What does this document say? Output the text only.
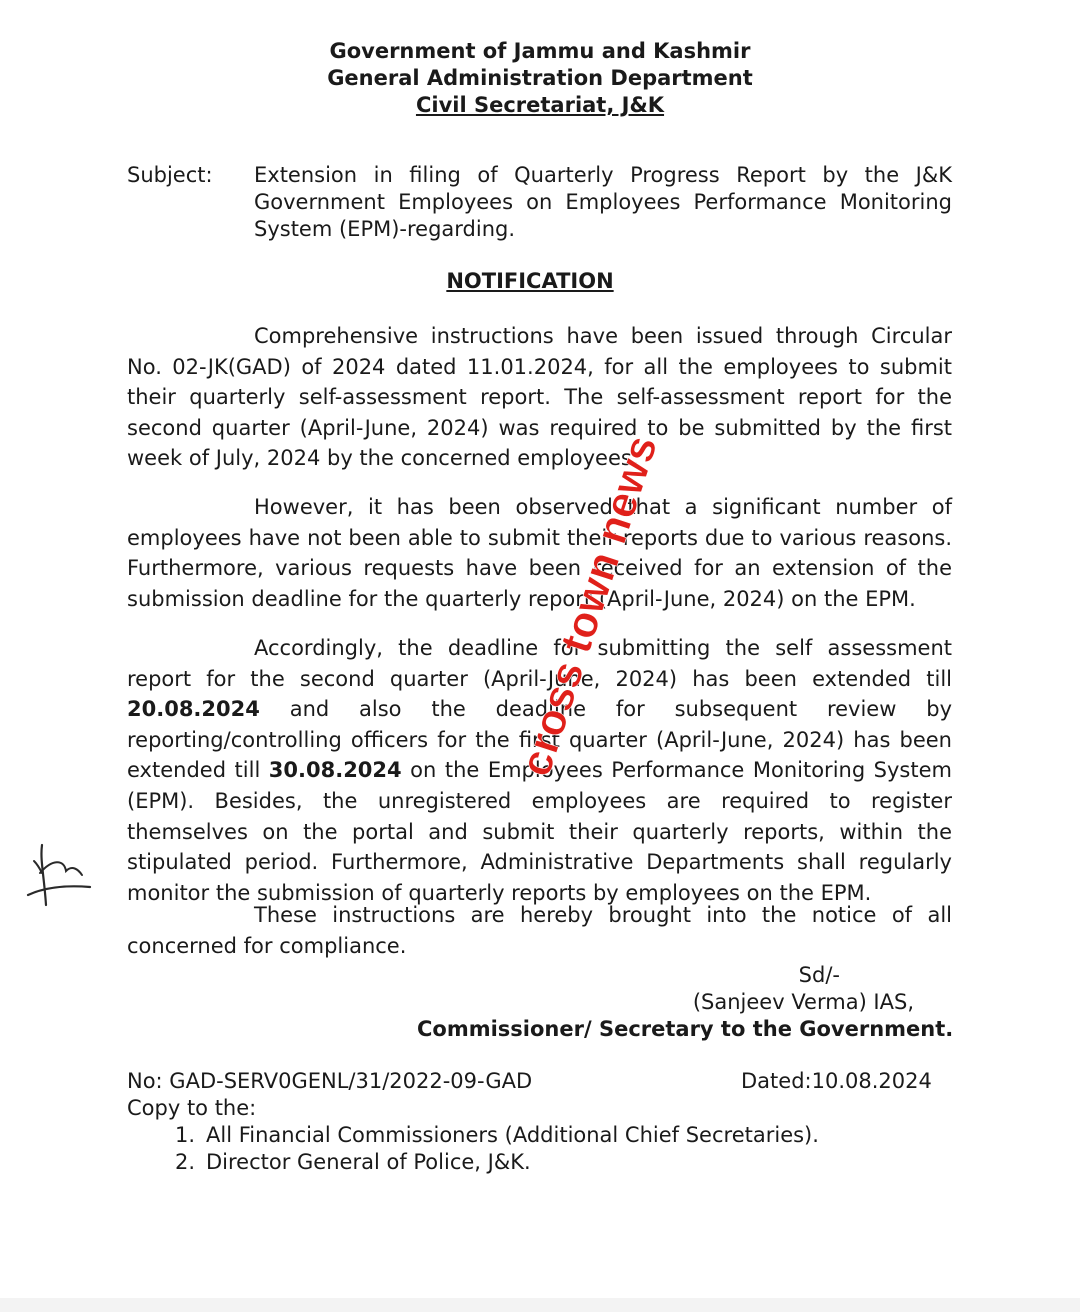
Government of Jammu and Kashmir
General Administration Department
Civil Secretariat, J&K
Subject: Extension in filing of Quarterly Progress Report by the J&K Government Employees on Employees Performance Monitoring System (EPM)-regarding.
NOTIFICATION

Comprehensive instructions have been issued through Circular No. 02-JK(GAD) of 2024 dated 11.01.2024, for all the employees to submit their quarterly self-assessment report. The self-assessment report for the second quarter (April-June, 2024) was required to be submitted by the first week of July, 2024 by the concerned employees.

However, it has been observed that a significant number of employees have not been able to submit their reports due to various reasons. Furthermore, various requests have been received for an extension of the submission deadline for the quarterly report (April-June, 2024) on the EPM.

Accordingly, the deadline for submitting the self assessment report for the second quarter (April-June, 2024) has been extended till 20.08.2024 and also the deadline for subsequent review by reporting/controlling officers for the first quarter (April-June, 2024) has been extended till 30.08.2024 on the Employees Performance Monitoring System (EPM). Besides, the unregistered employees are required to register themselves on the portal and submit their quarterly reports, within the stipulated period. Furthermore, Administrative Departments shall regularly monitor the submission of quarterly reports by employees on the EPM.

These instructions are hereby brought into the notice of all concerned for compliance.

Sd/-
(Sanjeev Verma) IAS,
Commissioner/ Secretary to the Government.
No: GAD-SERV0GENL/31/2022-09-GAD	Dated:10.08.2024
Copy to the:
1. All Financial Commissioners (Additional Chief Secretaries).
2. Director General of Police, J&K.
cross town news
